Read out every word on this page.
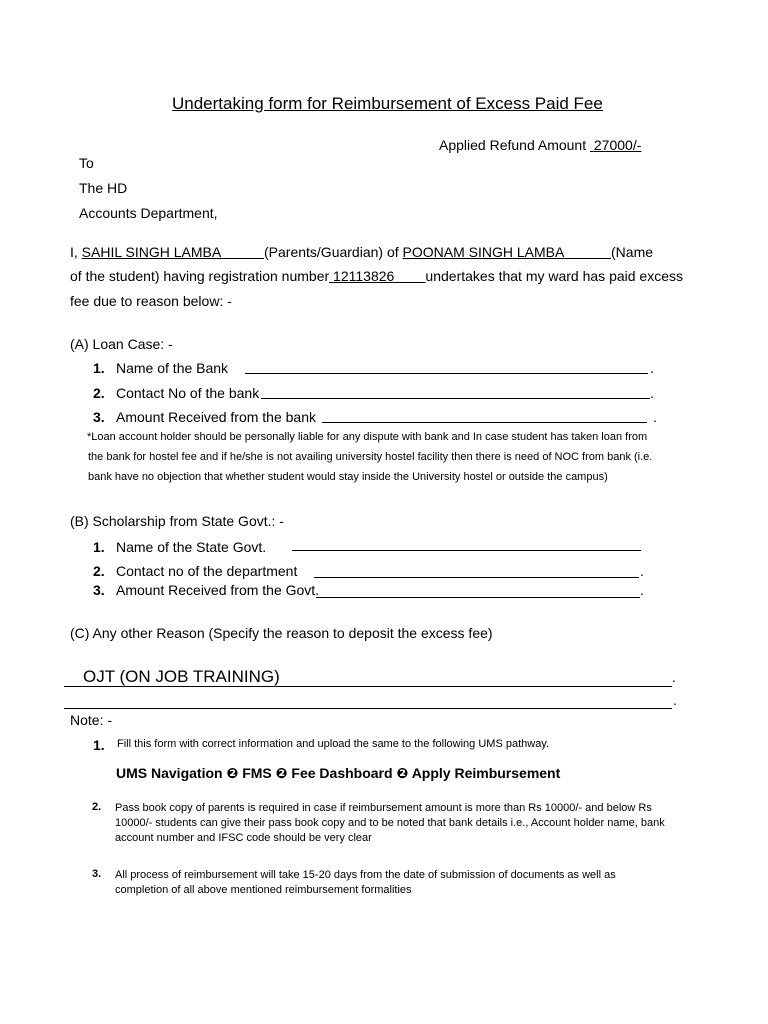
Undertaking form for Reimbursement of Excess Paid Fee
Applied Refund Amount 27000/-
To
The HD
Accounts Department,
I, SAHIL SINGH LAMBA	(Parents/Guardian) of POONAM SINGH LAMBA	(Name
of the student) having registration number 12113826 undertakes that my ward has paid excess
fee due to reason below: -
(A) Loan Case: -
1. Name of the Bank	.
2. Contact No of the bank	.
3. Amount Received from the bank	.
*Loan account holder should be personally liable for any dispute with bank and In case student has taken loan from
the bank for hostel fee and if he/she is not availing university hostel facility then there is need of NOC from bank (i.e.
bank have no objection that whether student would stay inside the University hostel or outside the campus)
(B) Scholarship from State Govt.: -
1. Name of the State Govt.
2. Contact no of the department	.
3. Amount Received from the Govt.	.
(C) Any other Reason (Specify the reason to deposit the excess fee)
OJT (ON JOB TRAINING)	.
.
Note: -
1. Fill this form with correct information and upload the same to the following UMS pathway.
UMS Navigation ❷ FMS ❷ Fee Dashboard ❷ Apply Reimbursement
2. Pass book copy of parents is required in case if reimbursement amount is more than Rs 10000/- and below Rs 10000/- students can give their pass book copy and to be noted that bank details i.e., Account holder name, bank account number and IFSC code should be very clear
3. All process of reimbursement will take 15-20 days from the date of submission of documents as well as completion of all above mentioned reimbursement formalities
